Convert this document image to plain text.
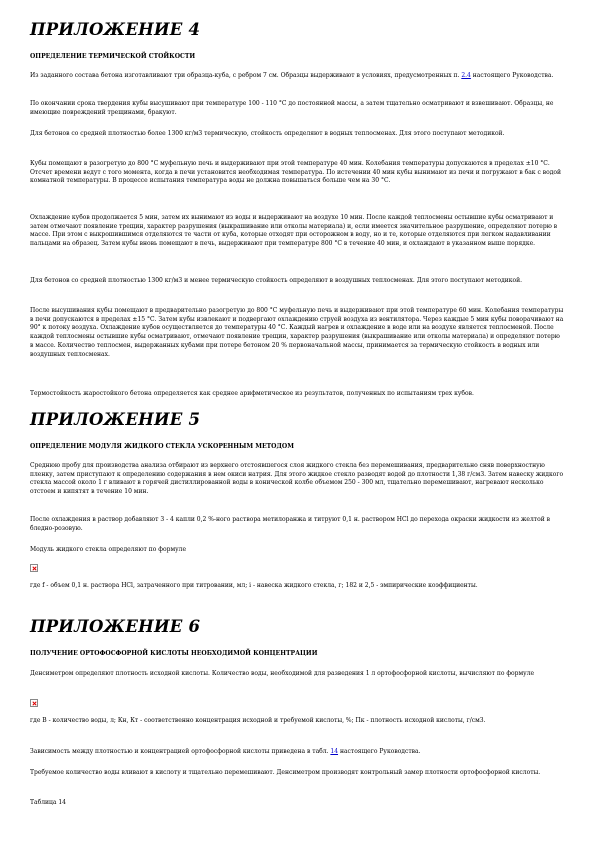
ПРИЛОЖЕНИЕ 4
ОПРЕДЕЛЕНИЕ ТЕРМИЧЕСКОЙ СТОЙКОСТИ

Из заданного состава бетона изготавливают три образца-куба, с ребром 7 см. Образцы выдерживают в условиях, предусмотренных п. 2.4 настоящего Руководства.

По окончании срока твердения кубы высушивают при температуре 100 - 110 °С до постоянной массы, а затем тщательно осматривают и взвешивают. Образцы, не имеющие повреждений трещинами, бракуют.

Для бетонов со средней плотностью более 1300 кг/м3 термическую, стойкость определяют в водных теплосменах. Для этого поступают методикой.

Кубы помещают в разогретую до 800 °С муфельную печь и выдерживают при этой температуре 40 мин. Колебания температуры допускаются в пределах ±10 °С. Отсчет времени ведут с того момента, когда в печи установится необходимая температура. По истечении 40 мин кубы вынимают из печи и погружают в бак с водой комнатной температуры. В процессе испытания температура воды не должна повышаться больше чем на 30 °С.

Охлаждение кубов продолжается 5 мин, затем их вынимают из воды и выдерживают на воздухе 10 мин. После каждой теплосмены остывшие кубы осматривают и затем отмечают появление трещин, характер разрушения (выкрашивание или отколы материала) и, если имеется значительное разрушение, определяют потерю в массе. При этом с выкрошившимся отделяются те части от куба, которые отходят при осторожном в воду, но и те, которые отделяются при легком надавливании пальцами на образец. Затем кубы вновь помещают в печь, выдерживают при температуре 800 °С в течение 40 мин, и охлаждают в указанном выше порядке.

Для бетонов со средней плотностью 1300 кг/м3 и менее термическую стойкость определяют в воздушных теплосменах. Для этого поступают методикой.

После высушивания кубы помещают в предварительно разогретую до 800 °С муфельную печь и выдерживают при этой температуре 60 мин. Колебания температуры в печи допускаются в пределах ±15 °С. Затем кубы извлекают и подвергают охлаждению струей воздуха из вентилятора. Через каждые 5 мин кубы поворачивают на 90° к потоку воздуха. Охлаждение кубов осуществляется до температуры 40 °С. Каждый нагрев и охлаждение в воде или на воздухе является теплосменой. После каждой теплосмены остывшие кубы осматривают, отмечают появление трещин, характер разрушения (выкрашивание или отколы материала) и определяют потерю в массе. Количество теплосмен, выдержанных кубами при потере бетоном 20 % первоначальной массы, принимается за термическую стойкость в водных или воздушных теплосменах.

Термостойкость жаростойкого бетона определяется как среднее арифметическое из результатов, полученных по испытаниям трех кубов.

ПРИЛОЖЕНИЕ 5
ОПРЕДЕЛЕНИЕ МОДУЛЯ ЖИДКОГО СТЕКЛА УСКОРЕННЫМ МЕТОДОМ

Среднюю пробу для производства анализа отбирают из верхнего отстоявшегося слоя жидкого стекла без перемешивания, предварительно сняв поверхностную пленку, затем приступают к определению содержания в нем окиси натрия. Для этого жидкое стекло разводят водой до плотности 1,38 г/см3. Затем навеску жидкого стекла массой около 1 г вливают в горячей дистиллированной воды в конической колбе объемом 250 - 300 мл, тщательно перемешивают, нагревают несколько отстоем и кипятят в течение 10 мин.

После охлаждения в раствор добавляют 3 - 4 капли 0,2 %-ного раствора метилоранжа и титруют 0,1 н. раствором HCl до перехода окраски жидкости из желтой в бледно-розовую.

Модуль жидкого стекла определяют по формуле

где f - объем 0,1 н. раствора HCl, затраченного при титровании, мл; i - навеска жидкого стекла, г; 182 и 2,5 - эмпирические коэффициенты.

ПРИЛОЖЕНИЕ 6
ПОЛУЧЕНИЕ ОРТОФОСФОРНОЙ КИСЛОТЫ НЕОБХОДИМОЙ КОНЦЕНТРАЦИИ

Денсиметром определяют плотность исходной кислоты. Количество воды, необходимой для разведения 1 л ортофосфорной кислоты, вычисляют по формуле

где В - количество воды, л; Кн, Кт - соответственно концентрация исходной и требуемой кислоты, %; Пк - плотность исходной кислоты, г/см3.

Зависимость между плотностью и концентрацией ортофосфорной кислоты приведена в табл. 14 настоящего Руководства.

Требуемое количество воды вливают в кислоту и тщательно перемешивают. Денсиметром производят контрольный замер плотности ортофосфорной кислоты.

Таблица 14
